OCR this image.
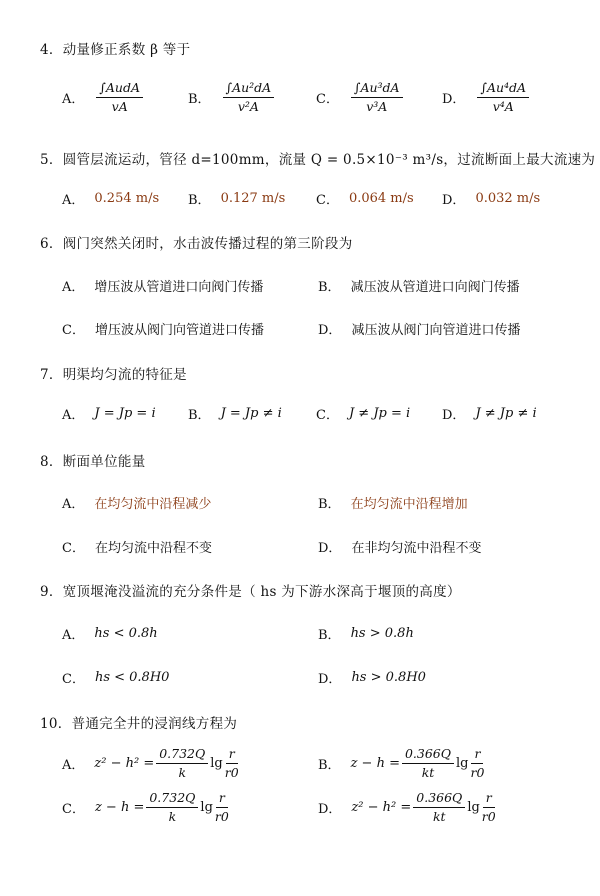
4．动量修正系数 β 等于
A． $\frac{\text{∫AudA}}{vA}$	B． $\frac{\text{∫Au²dA}}{\text{v²A}}$	C． $\frac{\text{∫Au³dA}}{\text{v³A}}$	D． $\frac{\text{∫Au⁴dA}}{\text{v⁴A}}$
5．圆管层流运动，管径 d=100mm，流量 Q = 0.5×10⁻³ m³/s，过流断面上最大流速为
A． 0.254 m/s B． 0.127 m/s C． 0.064 m/s D． 0.032 m/s
6．阀门突然关闭时，水击波传播过程的第三阶段为
A． 增压波从管道进口向阀门传播	B． 减压波从管道进口向阀门传播
C． 增压波从阀门向管道进口传播	D． 减压波从阀门向管道进口传播
7．明渠均匀流的特征是
A． J = Jp = i B． J = Jp ≠ i	C． J ≠ Jp = i D． J ≠ Jp ≠ i
8．断面单位能量
A． 在均匀流中沿程减少	B． 在均匀流中沿程增加
C． 在均匀流中沿程不变	D． 在非均匀流中沿程不变
9．宽顶堰淹没溢流的充分条件是（ hs 为下游水深高于堰顶的高度）
A． hs < 0.8h	B． hs > 0.8h
C． hs < 0.8H0	D． hs > 0.8H0
10．普通完全井的浸润线方程为
A． $z^2 - h^2 = \frac{0.732Q}{k}$ $\lg \frac{r}{r0}$	B． $z - h = \frac{0.366Q}{kt}$ $\lg \frac{r}{r0}$
C． $z - h = \frac{0.732Q}{k}$ $\lg \frac{r}{r0}$	D． $z^2 - h^2 = \frac{0.366Q}{kt}$ $\lg \frac{r}{r0}$
